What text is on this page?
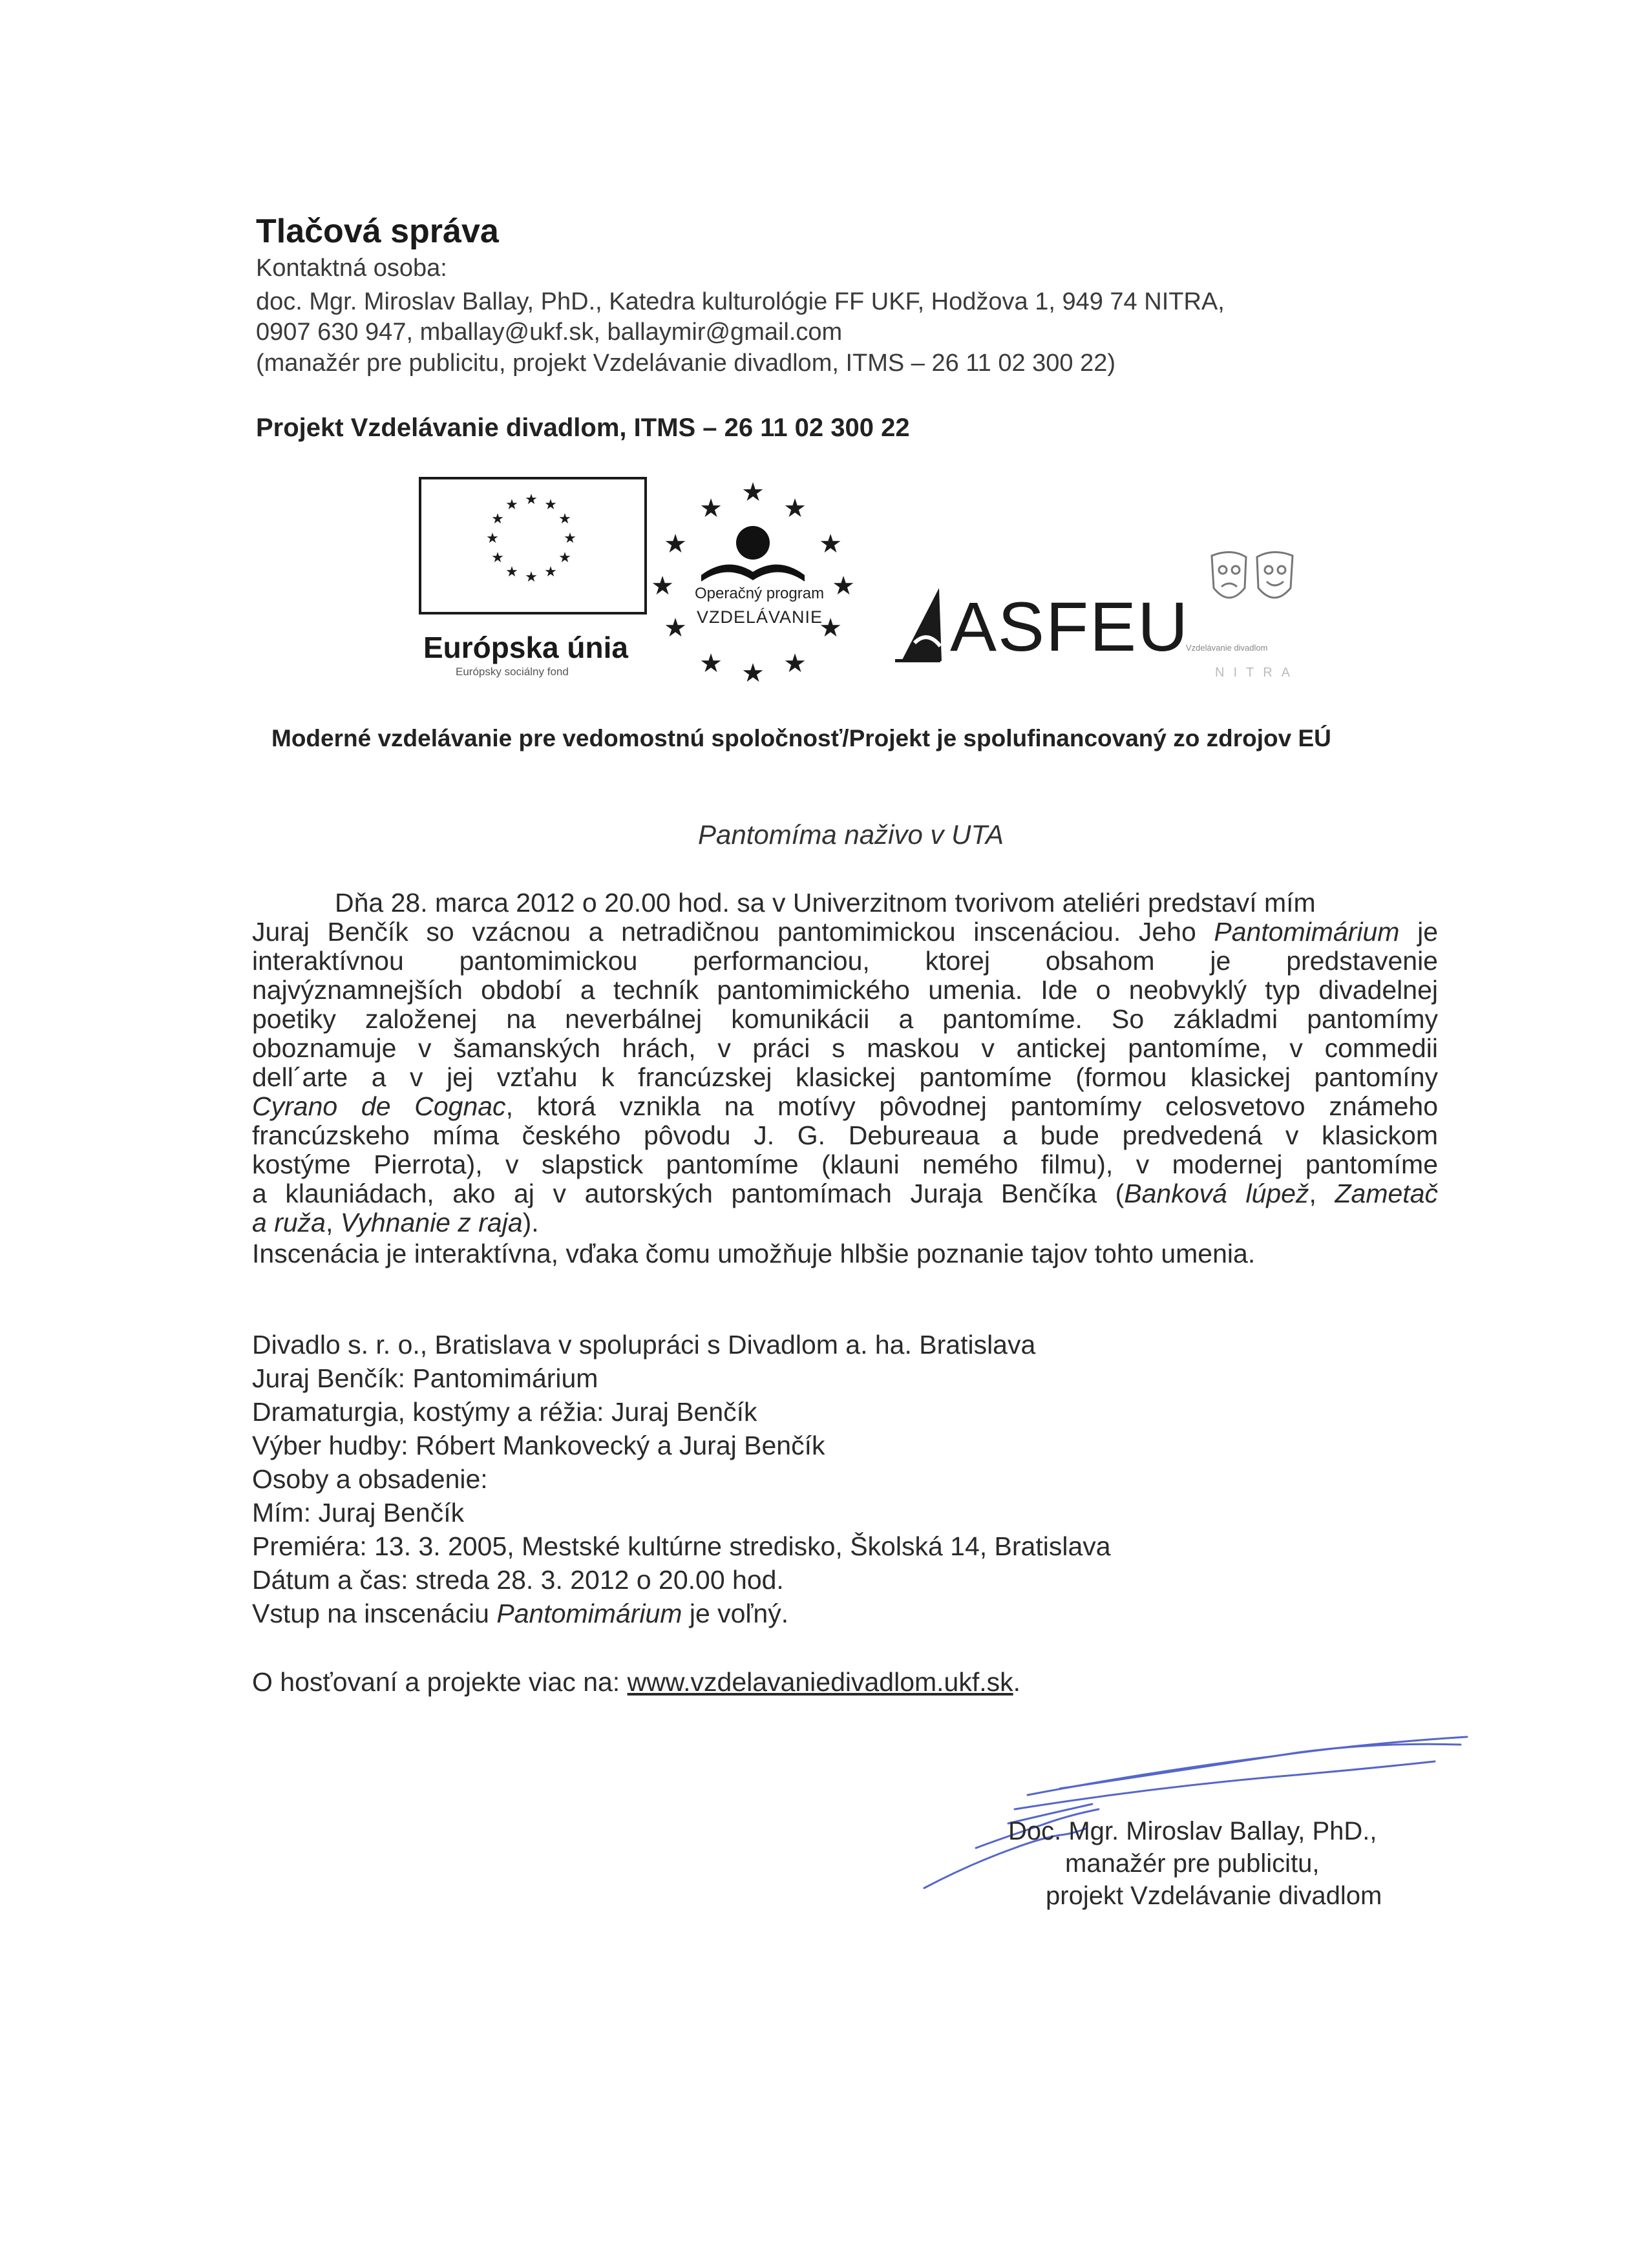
Tlačová správa
Kontaktná osoba:
doc. Mgr. Miroslav Ballay, PhD., Katedra kulturológie FF UKF, Hodžova 1, 949 74 NITRA,
0907 630 947, mballay@ukf.sk, ballaymir@gmail.com
(manažér pre publicitu, projekt Vzdelávanie divadlom, ITMS – 26 11 02 300 22)
Projekt Vzdelávanie divadlom, ITMS – 26 11 02 300 22
★ ★
★
★
★
★
★
★
★
★
★
★
Európska únia
Európsky sociálny fond
★
★ ★
★	★
★	★
★	★
★ ★ ★
Operačný program
VZDELÁVANIE ASFEU
Vzdelávanie divadlom
NITRA
Moderné vzdelávanie pre vedomostnú spoločnosť/Projekt je spolufinancovaný zo zdrojov EÚ
Pantomíma naživo v UTA
Dňa 28. marca 2012 o 20.00 hod. sa v Univerzitnom tvorivom ateliéri predstaví mím
Juraj Benčík so vzácnou a netradičnou pantomimickou inscenáciou. Jeho Pantomimárium je
interaktívnou pantomimickou performanciou, ktorej obsahom je predstavenie
najvýznamnejších období a techník pantomimického umenia. Ide o neobvyklý typ divadelnej
poetiky založenej na neverbálnej komunikácii a pantomíme. So základmi pantomímy
oboznamuje v šamanských hrách, v práci s maskou v antickej pantomíme, v commedii
dell´arte a v jej vzťahu k francúzskej klasickej pantomíme (formou klasickej pantomíny
Cyrano de Cognac, ktorá vznikla na motívy pôvodnej pantomímy celosvetovo známeho
francúzskeho míma českého pôvodu J. G. Debureaua a bude predvedená v klasickom
kostýme Pierrota), v slapstick pantomíme (klauni nemého filmu), v modernej pantomíme
a klauniádach, ako aj v autorských pantomímach Juraja Benčíka (Banková lúpež, Zametač
a ruža, Vyhnanie z raja).
Inscenácia je interaktívna, vďaka čomu umožňuje hlbšie poznanie tajov tohto umenia.
Divadlo s. r. o., Bratislava v spolupráci s Divadlom a. ha. Bratislava
Juraj Benčík: Pantomimárium
Dramaturgia, kostýmy a réžia: Juraj Benčík
Výber hudby: Róbert Mankovecký a Juraj Benčík
Osoby a obsadenie:
Mím: Juraj Benčík
Premiéra: 13. 3. 2005, Mestské kultúrne stredisko, Školská 14, Bratislava
Dátum a čas: streda 28. 3. 2012 o 20.00 hod.
Vstup na inscenáciu Pantomimárium je voľný.
O hosťovaní a projekte viac na: www.vzdelavaniedivadlom.ukf.sk.
Doc. Mgr. Miroslav Ballay, PhD.,
manažér pre publicitu,
projekt Vzdelávanie divadlom
